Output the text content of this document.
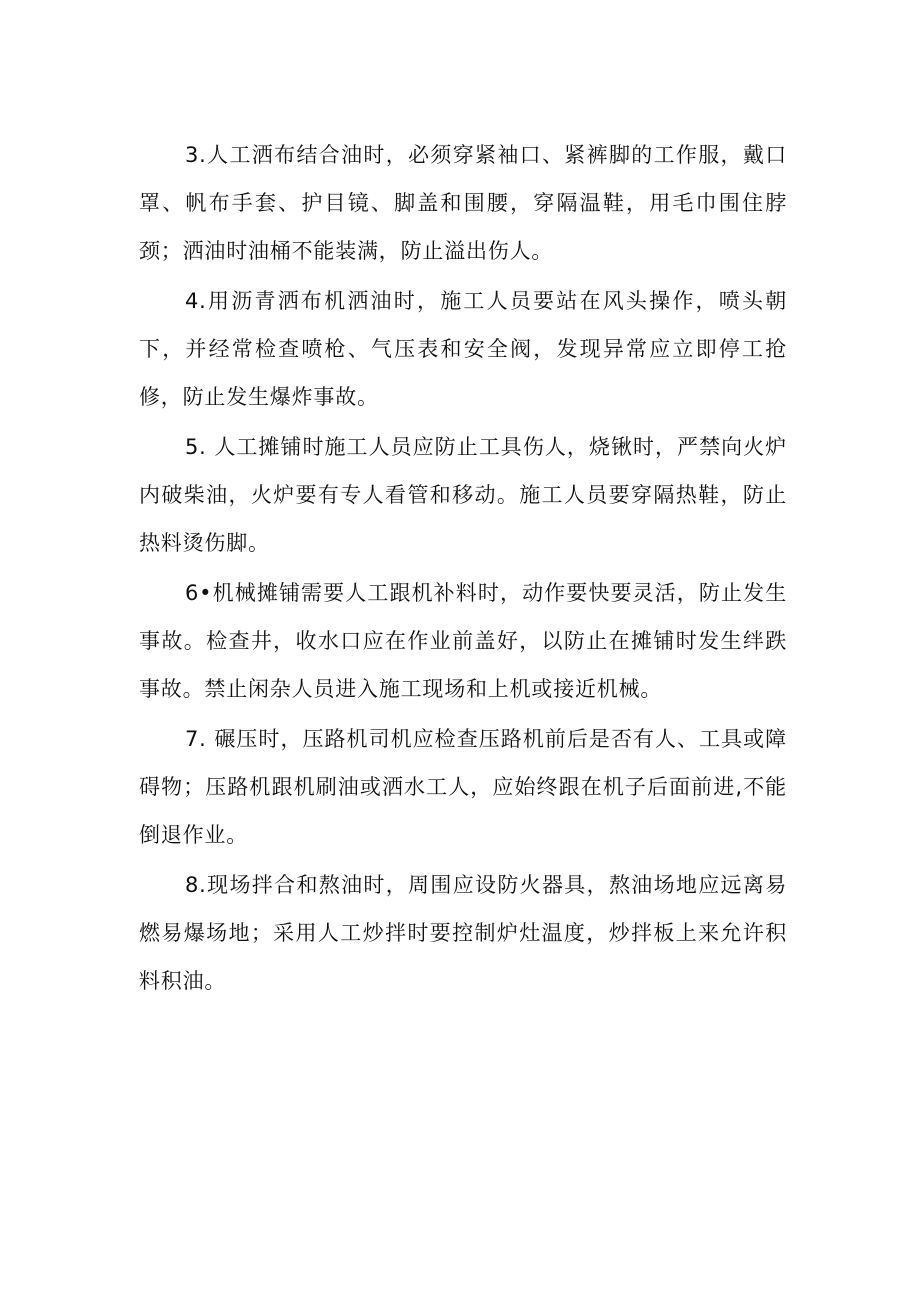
3.人工洒布结合油时，必须穿紧袖口、紧裤脚的工作服，戴口罩、帆布手套、护目镜、脚盖和围腰，穿隔温鞋，用毛巾围住脖颈；洒油时油桶不能装满，防止溢出伤人。

4.用沥青洒布机洒油时，施工人员要站在风头操作，喷头朝下，并经常检查喷枪、气压表和安全阀，发现异常应立即停工抢修，防止发生爆炸事故。

5. 人工摊铺时施工人员应防止工具伤人，烧锹时，严禁向火炉内破柴油，火炉要有专人看管和移动。施工人员要穿隔热鞋，防止热料烫伤脚。

6•机械摊铺需要人工跟机补料时，动作要快要灵活，防止发生事故。检查井，收水口应在作业前盖好，以防止在摊铺时发生绊跌事故。禁止闲杂人员进入施工现场和上机或接近机械。

7. 碾压时，压路机司机应检查压路机前后是否有人、工具或障碍物；压路机跟机刷油或洒水工人，应始终跟在机子后面前进,不能倒退作业。

8.现场拌合和熬油时，周围应设防火器具，熬油场地应远离易燃易爆场地；采用人工炒拌时要控制炉灶温度，炒拌板上来允许积料积油。
